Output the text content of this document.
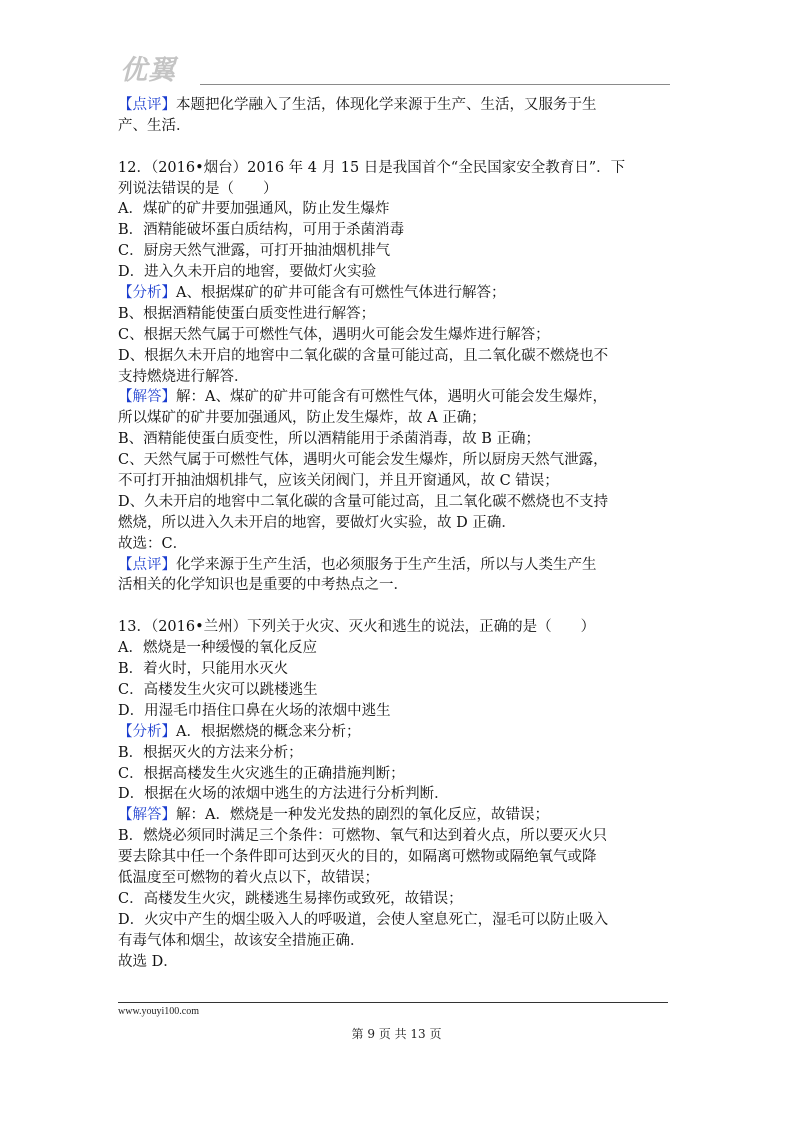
优翼
【点评】本题把化学融入了生活，体现化学来源于生产、生活，又服务于生
产、生活．
12．（2016•烟台）2016 年 4 月 15 日是我国首个“全民国家安全教育日”．下
列说法错误的是（　　）
A．煤矿的矿井要加强通风，防止发生爆炸
B．酒精能破坏蛋白质结构，可用于杀菌消毒
C．厨房天然气泄露，可打开抽油烟机排气
D．进入久未开启的地窖，要做灯火实验
【分析】A、根据煤矿的矿井可能含有可燃性气体进行解答；
B、根据酒精能使蛋白质变性进行解答；
C、根据天然气属于可燃性气体，遇明火可能会发生爆炸进行解答；
D、根据久未开启的地窖中二氧化碳的含量可能过高，且二氧化碳不燃烧也不
支持燃烧进行解答．
【解答】解：A、煤矿的矿井可能含有可燃性气体，遇明火可能会发生爆炸，
所以煤矿的矿井要加强通风，防止发生爆炸，故 A 正确；
B、酒精能使蛋白质变性，所以酒精能用于杀菌消毒，故 B 正确；
C、天然气属于可燃性气体，遇明火可能会发生爆炸，所以厨房天然气泄露，
不可打开抽油烟机排气，应该关闭阀门，并且开窗通风，故 C 错误；
D、久未开启的地窖中二氧化碳的含量可能过高，且二氧化碳不燃烧也不支持
燃烧，所以进入久未开启的地窖，要做灯火实验，故 D 正确．
故选：C．
【点评】化学来源于生产生活，也必须服务于生产生活，所以与人类生产生
活相关的化学知识也是重要的中考热点之一．
13．（2016•兰州）下列关于火灾、灭火和逃生的说法，正确的是（　　）
A．燃烧是一种缓慢的氧化反应
B．着火时，只能用水灭火
C．高楼发生火灾可以跳楼逃生
D．用湿毛巾捂住口鼻在火场的浓烟中逃生
【分析】A．根据燃烧的概念来分析；
B．根据灭火的方法来分析；
C．根据高楼发生火灾逃生的正确措施判断；
D．根据在火场的浓烟中逃生的方法进行分析判断．
【解答】解：A．燃烧是一种发光发热的剧烈的氧化反应，故错误；
B．燃烧必须同时满足三个条件：可燃物、氧气和达到着火点，所以要灭火只
要去除其中任一个条件即可达到灭火的目的，如隔离可燃物或隔绝氧气或降
低温度至可燃物的着火点以下，故错误；
C．高楼发生火灾，跳楼逃生易摔伤或致死，故错误；
D．火灾中产生的烟尘吸入人的呼吸道，会使人窒息死亡，湿毛可以防止吸入
有毒气体和烟尘，故该安全措施正确．
故选 D．
www.youyi100.com
第 9 页 共 13 页
